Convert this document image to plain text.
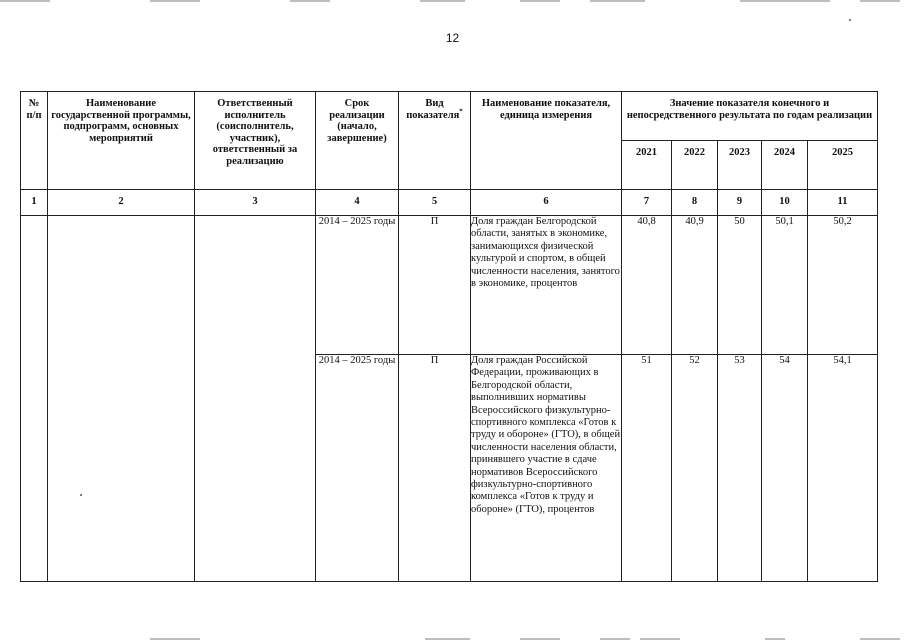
12
№ п/п	Наименование государственной программы, подпрограмм, основных мероприятий	Ответственный исполнитель (соисполнитель, участник), ответственный за реализацию	Срок реализации (начало, завершение)	Вид показателя*	Наименование показателя, единица измерения	Значение показателя конечного и непосредственного результата по годам реализации				
						2021	2022	2023	2024	2025
1	2	3	4	5	6	7	8	9	10	11
			2014 – 2025 годы	П	Доля граждан Белгородской области, занятых в экономике, занимающихся физической культурой и спортом, в общей численности населения, занятого в экономике, процентов	40,8	40,9	50	50,1	50,2
			2014 – 2025 годы	П	Доля граждан Российской Федерации, проживающих в Белгородской области, выполнивших нормативы Всероссийского физкультурно-спортивного комплекса «Готов к труду и обороне» (ГТО), в общей численности населения области, принявшего участие в сдаче нормативов Всероссийского физкультурно-спортивного комплекса «Готов к труду и обороне» (ГТО), процентов	51	52	53	54	54,1
